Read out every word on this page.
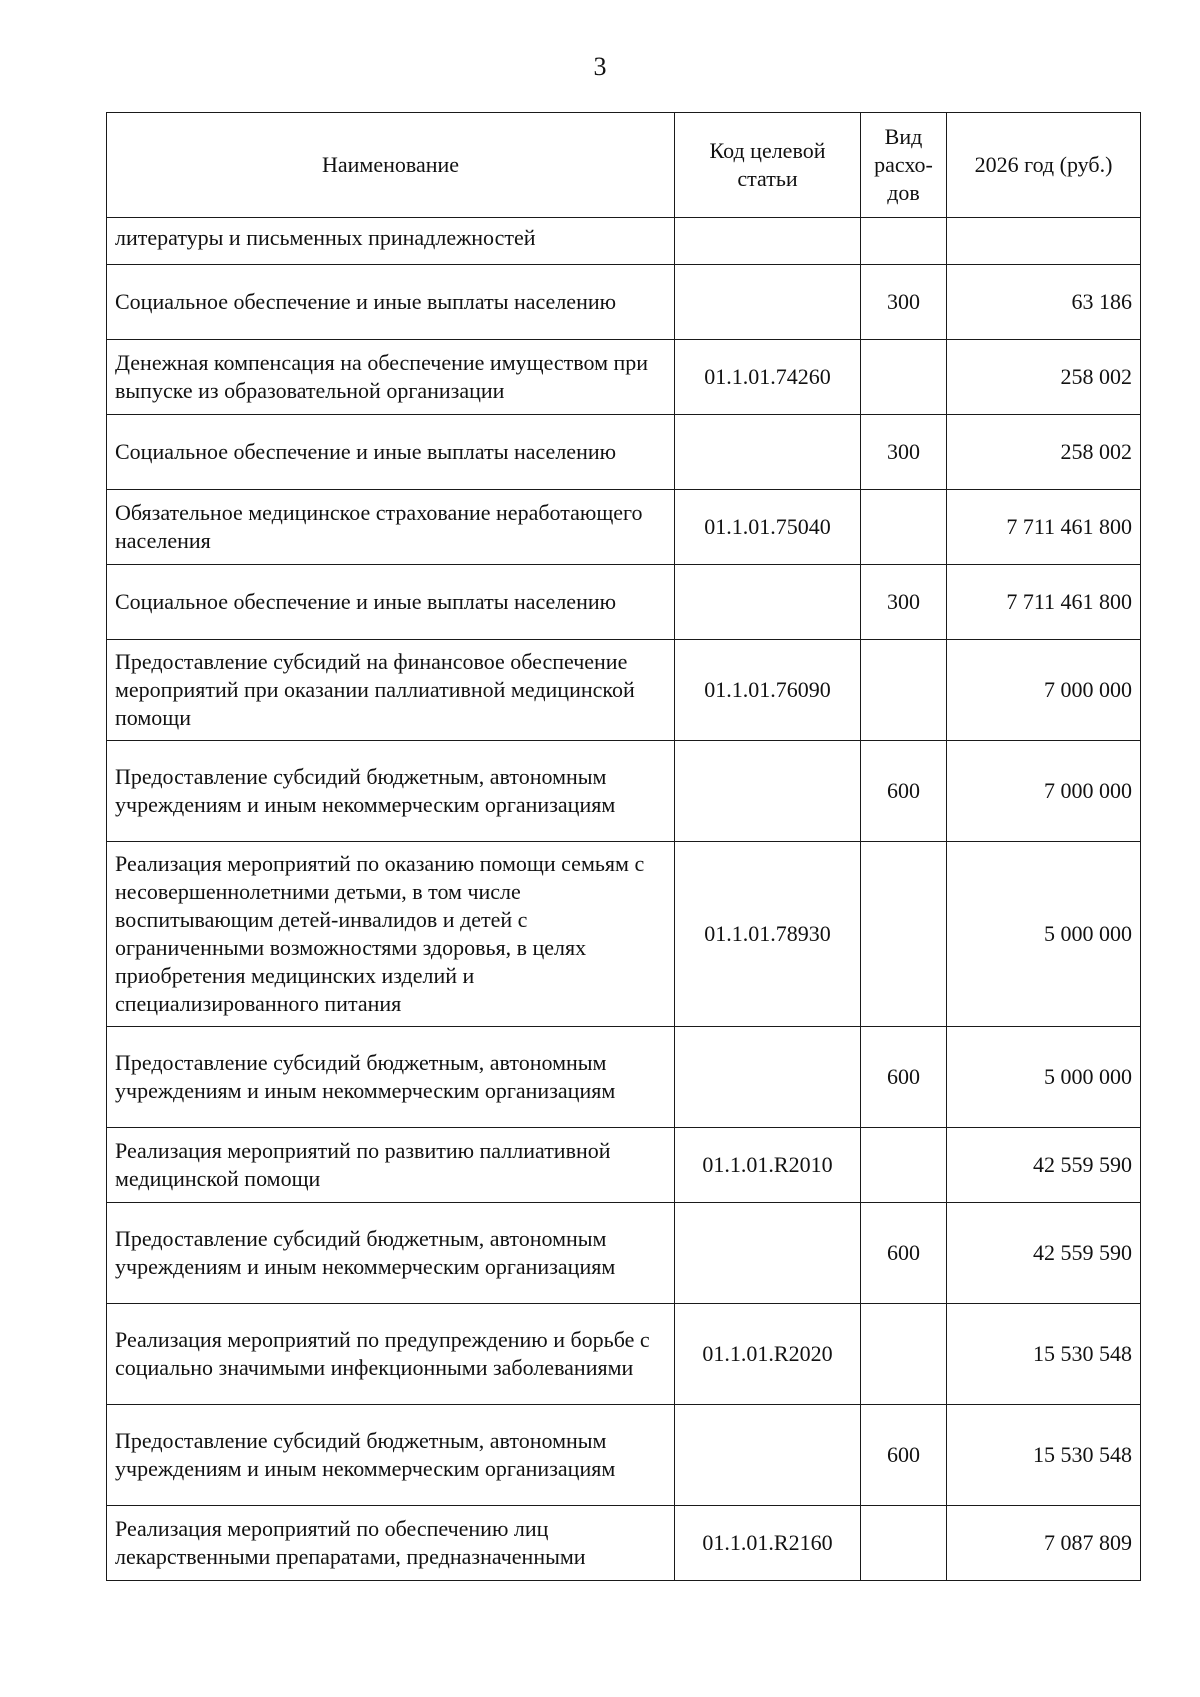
3
Наименование	Код целевой статьи	Вид расхо-дов	2026 год (руб.)
литературы и письменных принадлежностей			
Социальное обеспечение и иные выплаты населению		300	63 186
Денежная компенсация на обеспечение имуществом при выпуске из образовательной организации	01.1.01.74260		258 002
Социальное обеспечение и иные выплаты населению		300	258 002
Обязательное медицинское страхование неработающего населения	01.1.01.75040		7 711 461 800
Социальное обеспечение и иные выплаты населению		300	7 711 461 800
Предоставление субсидий на финансовое обеспечение мероприятий при оказании паллиативной медицинской помощи	01.1.01.76090		7 000 000
Предоставление субсидий бюджетным, автономным учреждениям и иным некоммерческим организациям		600	7 000 000
Реализация мероприятий по оказанию помощи семьям с несовершеннолетними детьми, в том числе воспитывающим детей-инвалидов и детей с ограниченными возможностями здоровья, в целях приобретения медицинских изделий и специализированного питания	01.1.01.78930		5 000 000
Предоставление субсидий бюджетным, автономным учреждениям и иным некоммерческим организациям		600	5 000 000
Реализация мероприятий по развитию паллиативной медицинской помощи	01.1.01.R2010		42 559 590
Предоставление субсидий бюджетным, автономным учреждениям и иным некоммерческим организациям		600	42 559 590
Реализация мероприятий по предупреждению и борьбе с социально значимыми инфекционными заболеваниями	01.1.01.R2020		15 530 548
Предоставление субсидий бюджетным, автономным учреждениям и иным некоммерческим организациям		600	15 530 548
Реализация мероприятий по обеспечению лиц лекарственными препаратами, предназначенными	01.1.01.R2160		7 087 809
